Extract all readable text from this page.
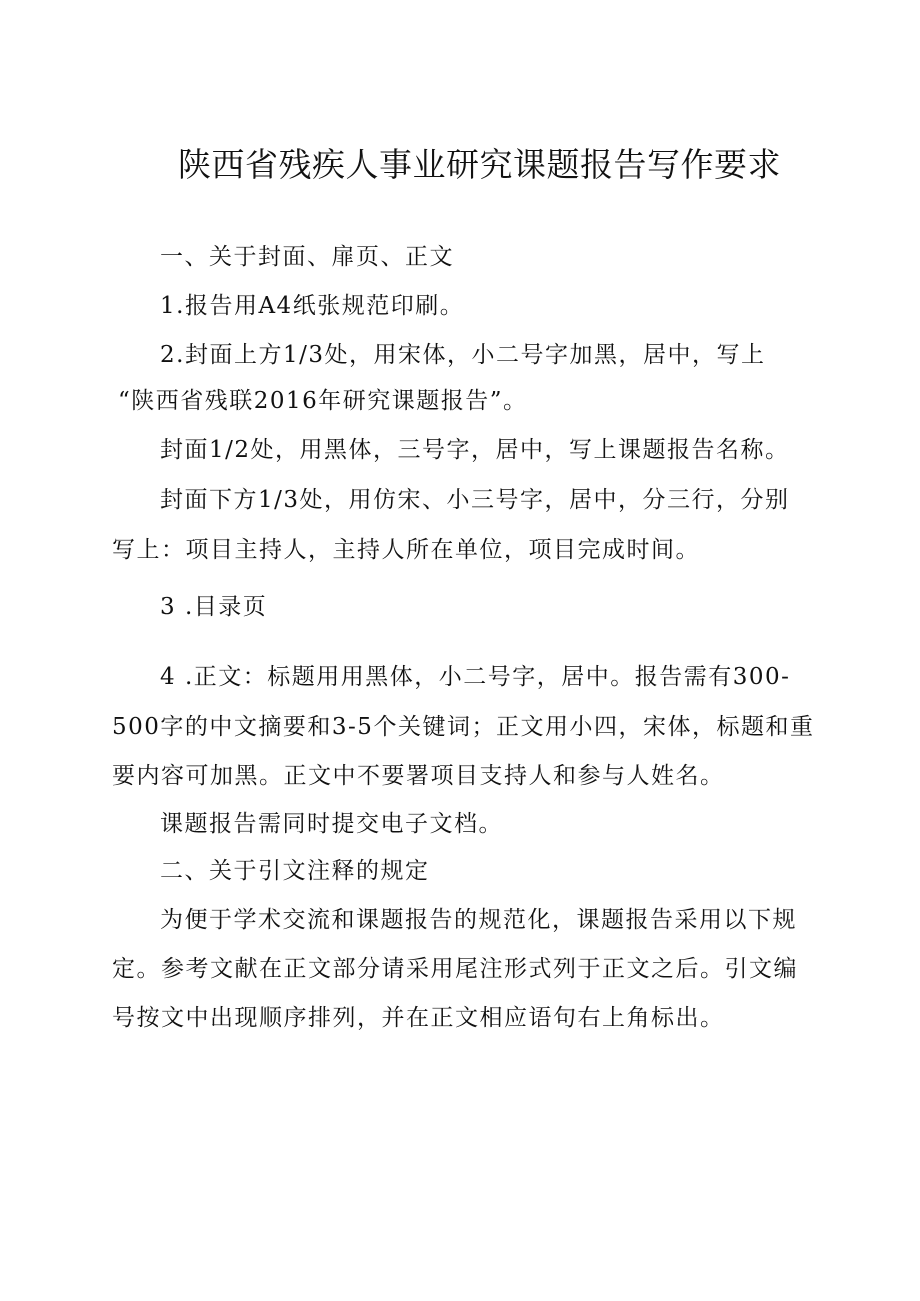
陕西省残疾人事业研究课题报告写作要求
一、关于封面、扉页、正文
1.报告用A4纸张规范印刷。
2.封面上方1/3处，用宋体，小二号字加黑，居中，写上
“陕西省残联2016年研究课题报告”。
封面1/2处，用黑体，三号字，居中，写上课题报告名称。
封面下方1/3处，用仿宋、小三号字，居中，分三行，分别
写上：项目主持人，主持人所在单位，项目完成时间。
3 .目录页
4 .正文：标题用用黑体，小二号字，居中。报告需有300-
500字的中文摘要和3-5个关键词；正文用小四，宋体，标题和重
要内容可加黑。正文中不要署项目支持人和参与人姓名。
课题报告需同时提交电子文档。
二、关于引文注释的规定
为便于学术交流和课题报告的规范化，课题报告采用以下规
定。参考文献在正文部分请采用尾注形式列于正文之后。引文编
号按文中出现顺序排列，并在正文相应语句右上角标出。
